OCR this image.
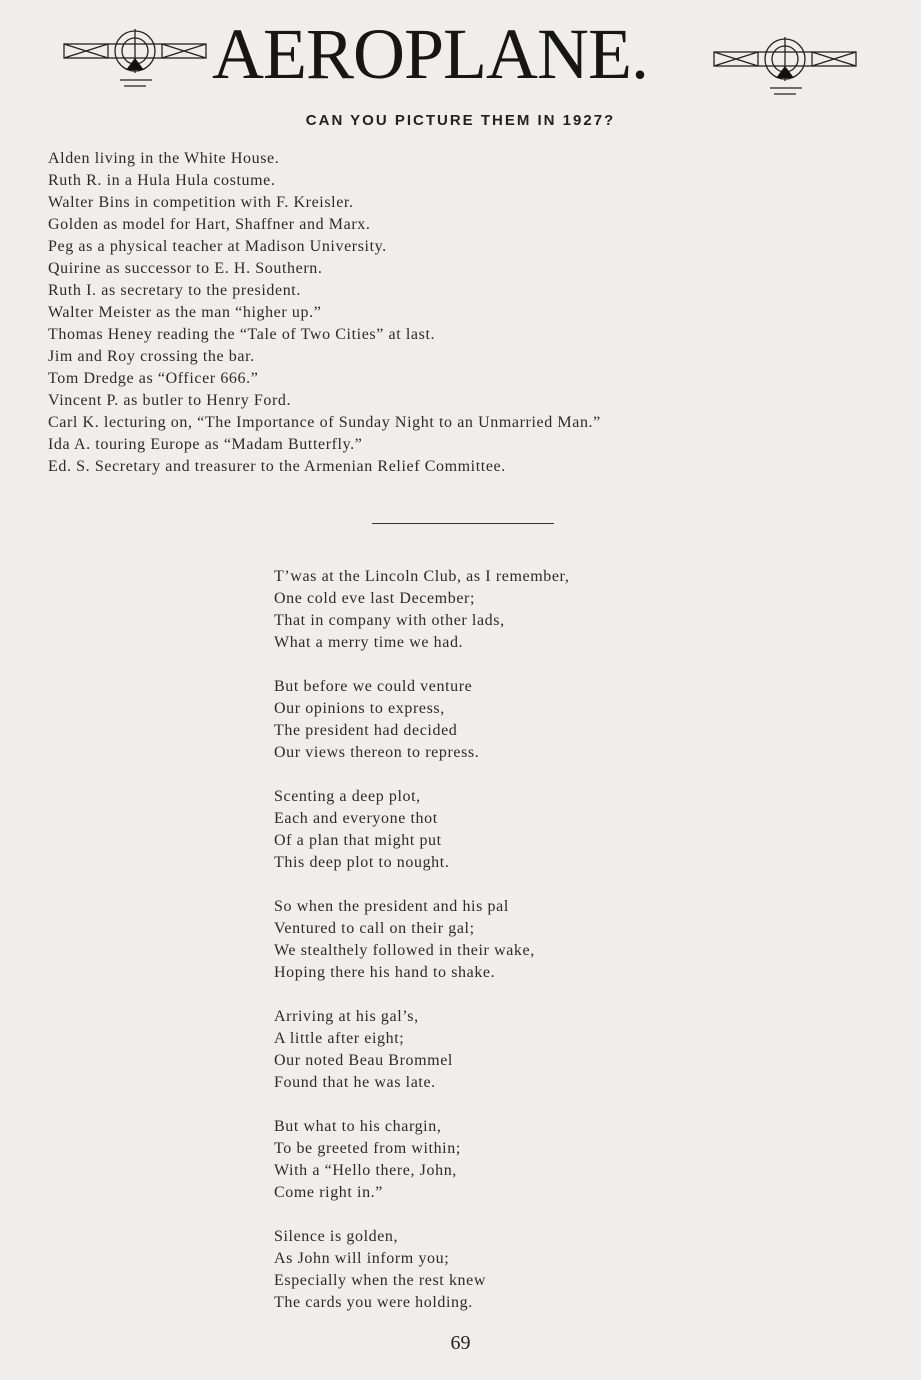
AEROPLANE.
CAN YOU PICTURE THEM IN 1927?
Alden living in the White House.
Ruth R. in a Hula Hula costume.
Walter Bins in competition with F. Kreisler.
Golden as model for Hart, Shaffner and Marx.
Peg as a physical teacher at Madison University.
Quirine as successor to E. H. Southern.
Ruth I. as secretary to the president.
Walter Meister as the man “higher up.”
Thomas Heney reading the “Tale of Two Cities” at last.
Jim and Roy crossing the bar.
Tom Dredge as “Officer 666.”
Vincent P. as butler to Henry Ford.
Carl K. lecturing on, “The Importance of Sunday Night to an Unmarried Man.”
Ida A. touring Europe as “Madam Butterfly.”
Ed. S. Secretary and treasurer to the Armenian Relief Committee.
T’was at the Lincoln Club, as I remember,
One cold eve last December;
That in company with other lads,
What a merry time we had.
But before we could venture
Our opinions to express,
The president had decided
Our views thereon to repress.
Scenting a deep plot,
Each and everyone thot
Of a plan that might put
This deep plot to nought.
So when the president and his pal
Ventured to call on their gal;
We stealthely followed in their wake,
Hoping there his hand to shake.
Arriving at his gal’s,
A little after eight;
Our noted Beau Brommel
Found that he was late.
But what to his chargin,
To be greeted from within;
With a “Hello there, John,
Come right in.”
Silence is golden,
As John will inform you;
Especially when the rest knew
The cards you were holding.
69
